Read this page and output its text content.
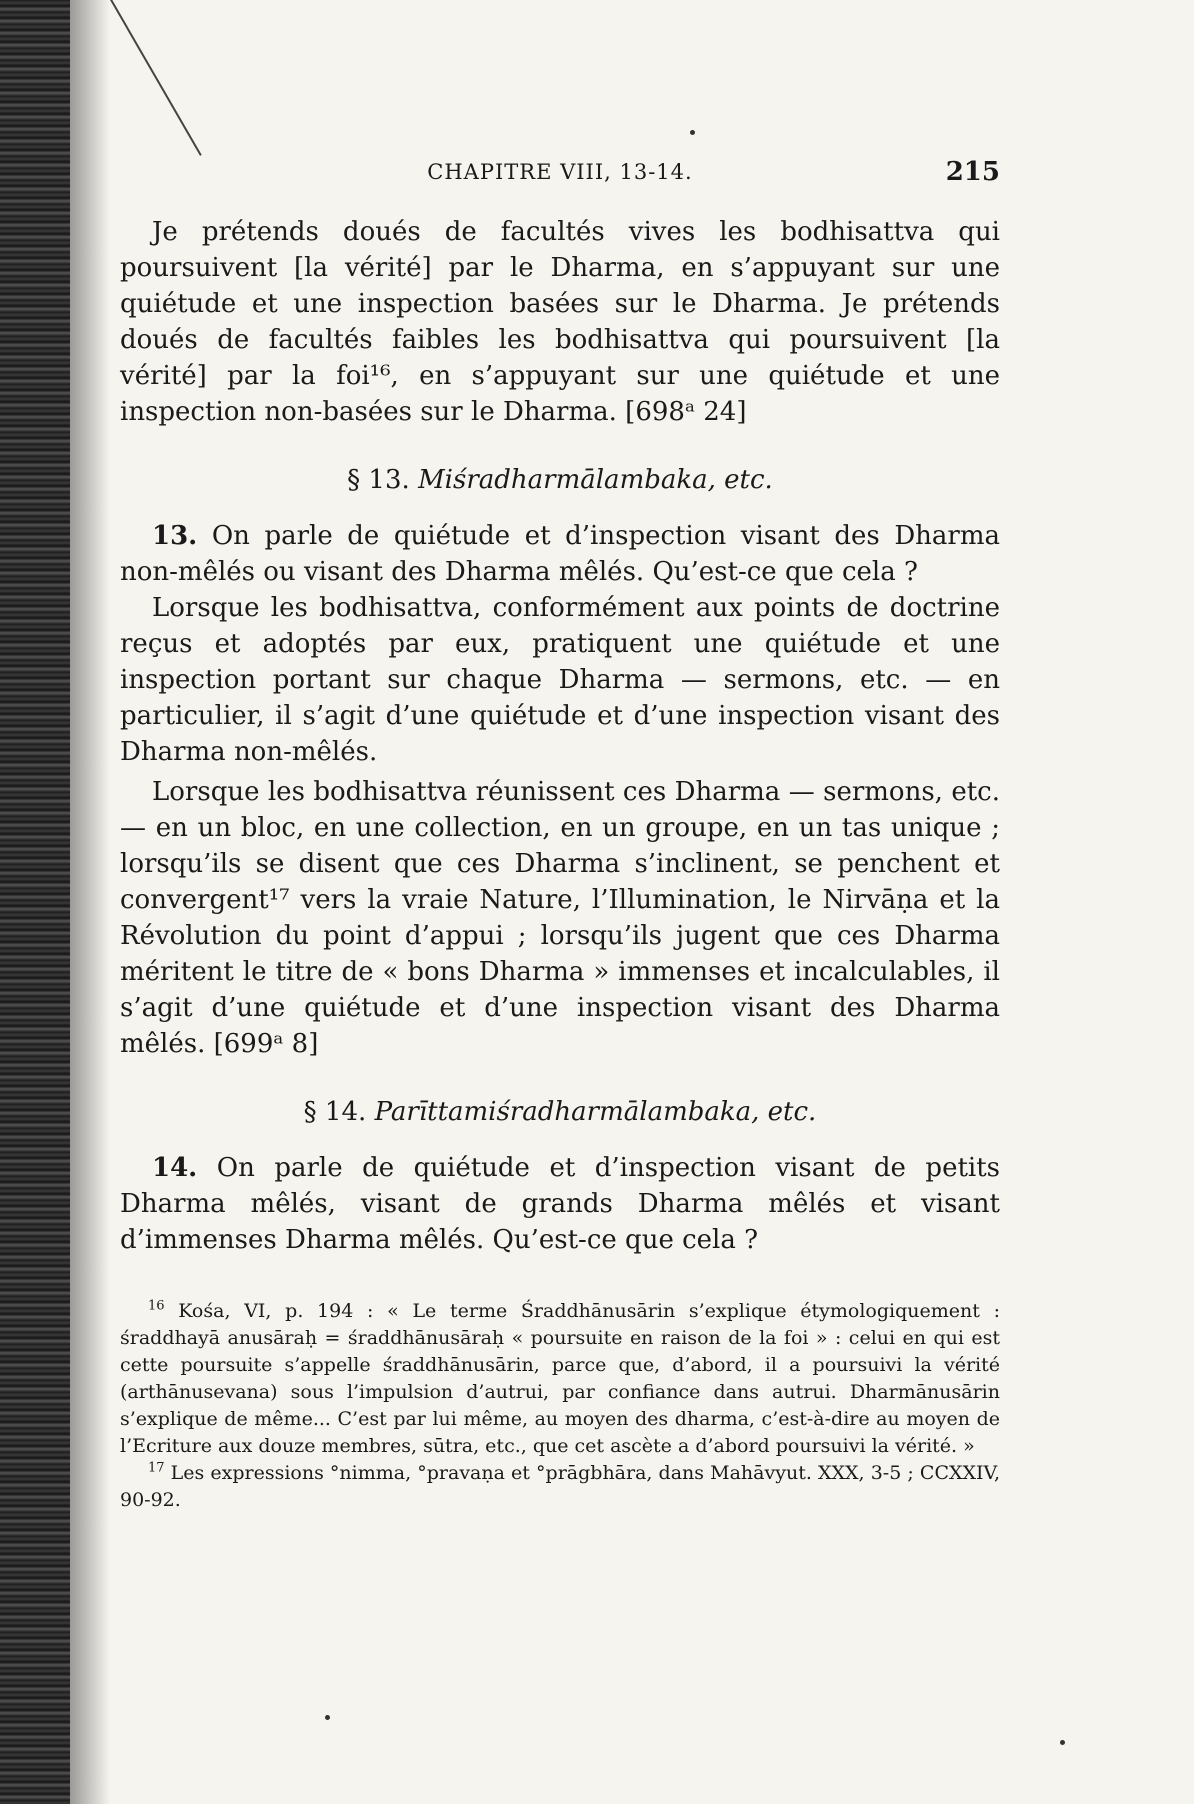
CHAPITRE VIII, 13-14.	215

Je prétends doués de facultés vives les bodhisattva qui poursuivent [la vérité] par le Dharma, en s’appuyant sur une quiétude et une inspection basées sur le Dharma. Je prétends doués de facultés faibles les bodhisattva qui poursuivent [la vérité] par la foi¹⁶, en s’appuyant sur une quiétude et une inspection non-basées sur le Dharma. [698ᵃ 24]

§ 13. Miśradharmālambaka, etc.

13. On parle de quiétude et d’inspection visant des Dharma non-mêlés ou visant des Dharma mêlés. Qu’est-ce que cela ?

Lorsque les bodhisattva, conformément aux points de doctrine reçus et adoptés par eux, pratiquent une quiétude et une inspection portant sur chaque Dharma — sermons, etc. — en particulier, il s’agit d’une quiétude et d’une inspection visant des Dharma non-mêlés.

Lorsque les bodhisattva réunissent ces Dharma — sermons, etc. — en un bloc, en une collection, en un groupe, en un tas unique ; lorsqu’ils se disent que ces Dharma s’inclinent, se penchent et convergent¹⁷ vers la vraie Nature, l’Illumination, le Nirvāṇa et la Révolution du point d’appui ; lorsqu’ils jugent que ces Dharma méritent le titre de « bons Dharma » immenses et incalculables, il s’agit d’une quiétude et d’une inspection visant des Dharma mêlés. [699ᵃ 8]

§ 14. Parīttamiśradharmālambaka, etc.

14. On parle de quiétude et d’inspection visant de petits Dharma mêlés, visant de grands Dharma mêlés et visant d’immenses Dharma mêlés. Qu’est-ce que cela ?

$^{16}$ Kośa, VI, p. 194 : « Le terme Śraddhānusārin s’explique étymologiquement : śraddhayā anusāraḥ = śraddhānusāraḥ « poursuite en raison de la foi » : celui en qui est cette poursuite s’appelle śraddhānusārin, parce que, d’abord, il a poursuivi la vérité (arthānusevana) sous l’impulsion d’autrui, par confiance dans autrui. Dharmānusārin s’explique de même... C’est par lui même, au moyen des dharma, c’est-à-dire au moyen de l’Ecriture aux douze membres, sūtra, etc., que cet ascète a d’abord poursuivi la vérité. »

$^{17}$ Les expressions °nimma, °pravaṇa et °prāgbhāra, dans Mahāvyut. XXX, 3-5 ; CCXXIV, 90-92.
